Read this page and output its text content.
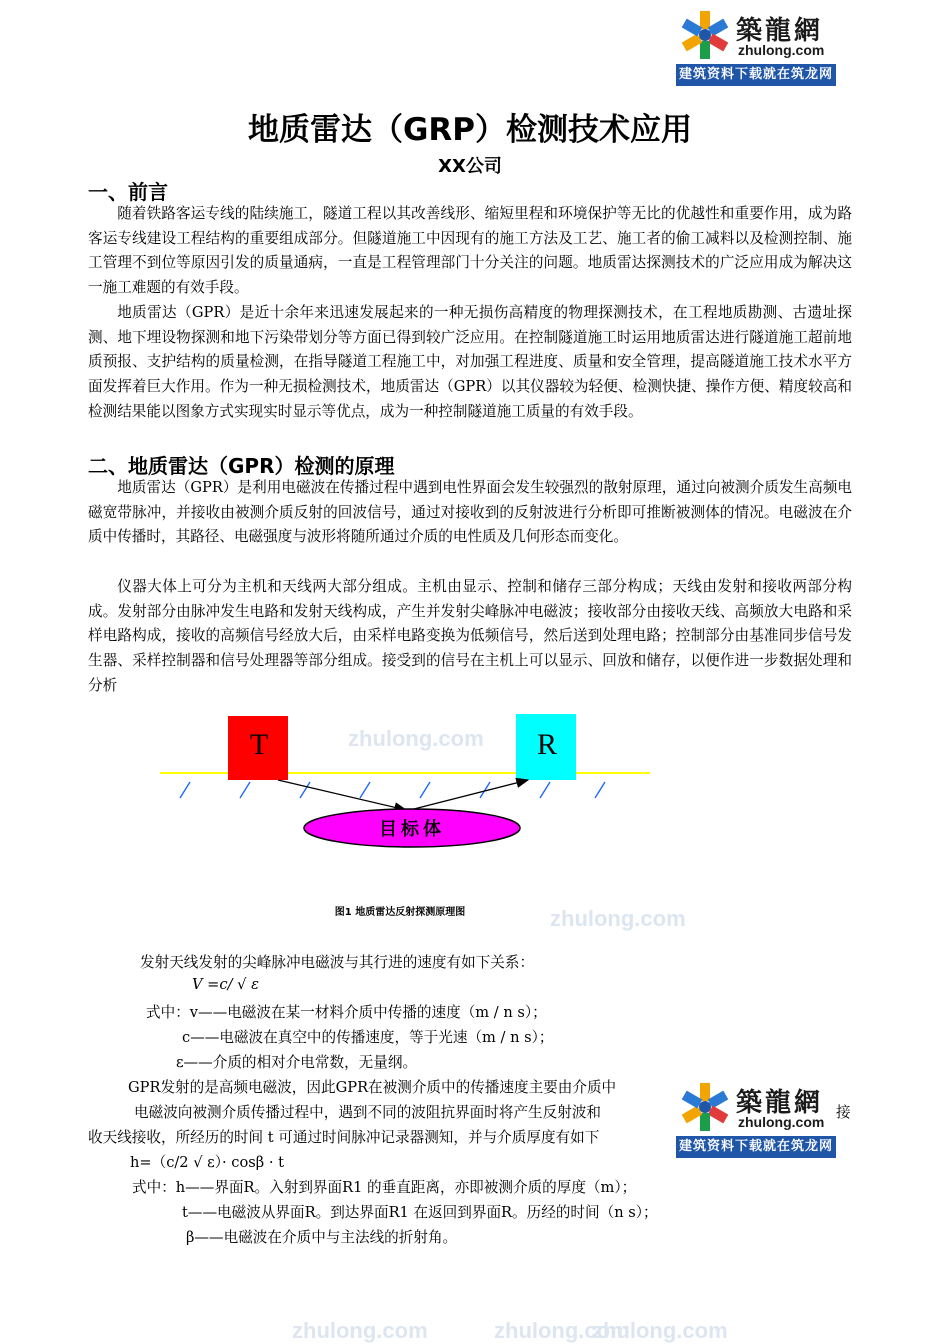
zhulong.com
zhulong.com
zhulong.com	zhulong.com
zhulong.com
築龍網
zhulong.com
建筑资料下载就在筑龙网
地质雷达（GRP）检测技术应用
XX公司
一、前言

随着铁路客运专线的陆续施工，隧道工程以其改善线形、缩短里程和环境保护等无比的优越性和重要作用，成为路客运专线建设工程结构的重要组成部分。但隧道施工中因现有的施工方法及工艺、施工者的偷工减料以及检测控制、施工管理不到位等原因引发的质量通病，一直是工程管理部门十分关注的问题。地质雷达探测技术的广泛应用成为解决这一施工难题的有效手段。

地质雷达（GPR）是近十余年来迅速发展起来的一种无损伤高精度的物理探测技术，在工程地质勘测、古遗址探测、地下埋设物探测和地下污染带划分等方面已得到较广泛应用。在控制隧道施工时运用地质雷达进行隧道施工超前地质预报、支护结构的质量检测，在指导隧道工程施工中，对加强工程进度、质量和安全管理，提高隧道施工技术水平方面发挥着巨大作用。作为一种无损检测技术，地质雷达（GPR）以其仪器较为轻便、检测快捷、操作方便、精度较高和检测结果能以图象方式实现实时显示等优点，成为一种控制隧道施工质量的有效手段。

二、地质雷达（GPR）检测的原理

地质雷达（GPR）是利用电磁波在传播过程中遇到电性界面会发生较强烈的散射原理，通过向被测介质发生高频电磁宽带脉冲，并接收由被测介质反射的回波信号，通过对接收到的反射波进行分析即可推断被测体的情况。电磁波在介质中传播时，其路径、电磁强度与波形将随所通过介质的电性质及几何形态而变化。

仪器大体上可分为主机和天线两大部分组成。主机由显示、控制和储存三部分构成；天线由发射和接收两部分构成。发射部分由脉冲发生电路和发射天线构成，产生并发射尖峰脉冲电磁波；接收部分由接收天线、高频放大电路和采样电路构成，接收的高频信号经放大后，由采样电路变换为低频信号，然后送到处理电路；控制部分由基准同步信号发生器、采样控制器和信号处理器等部分组成。接受到的信号在主机上可以显示、回放和储存，以便作进一步数据处理和分析

T	R
目标体
图1 地质雷达反射探测原理图
发射天线发射的尖峰脉冲电磁波与其行进的速度有如下关系：
V =c/ √ ε
式中：v——电磁波在某一材料介质中传播的速度（m / n s）；
c——电磁波在真空中的传播速度，等于光速（m / n s）；
ε——介质的相对介电常数，无量纲。
GPR发射的是高频电磁波，因此GPR在被测介质中的传播速度主要由介质中
电磁波向被测介质传播过程中，遇到不同的波阻抗界面时将产生反射波和	接
收天线接收，所经历的时间 t 可通过时间脉冲记录器测知，并与介质厚度有如下
h=（c/2 √ ε）· cosβ · t
式中：h——界面R。入射到界面R1 的垂直距离，亦即被测介质的厚度（m）；
t——电磁波从界面R。到达界面R1 在返回到界面R。历经的时间（n s）；
β——电磁波在介质中与主法线的折射角。
築龍網
zhulong.com
建筑资料下载就在筑龙网
